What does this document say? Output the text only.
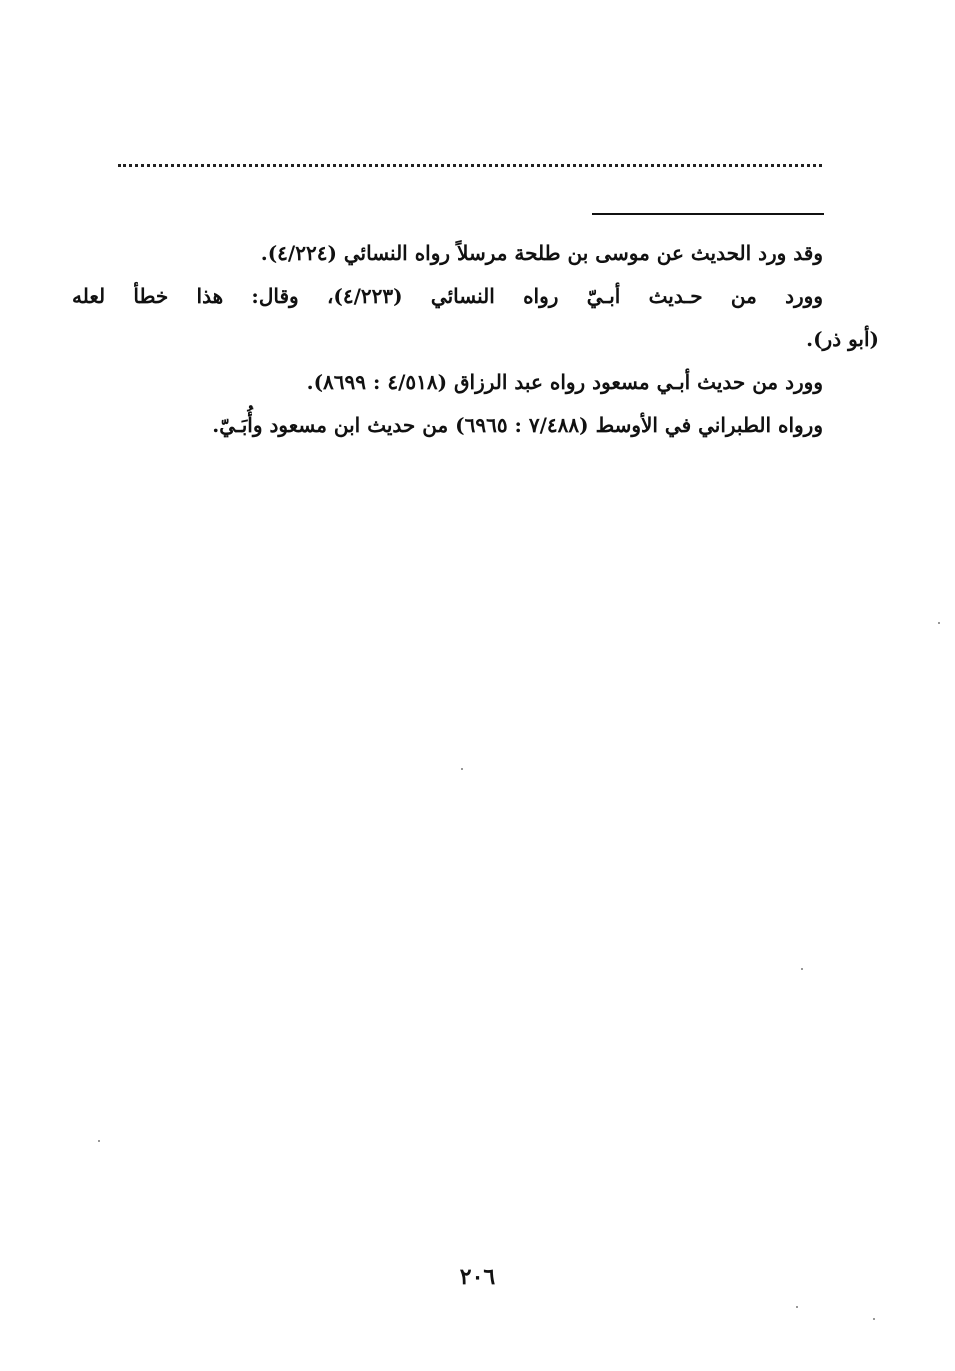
وقد ورد الحديث عن موسى بن طلحة مرسلاً رواه النسائي (٤/٢٢٤).
وورد من حـديث أبـيّ رواه النسائي (٤/٢٢٣)، وقال: هذا خطأ لعله
(أبو ذر).
وورد من حديث أبـي مسعود رواه عبد الرزاق (٤/٥١٨ : ٨٦٩٩).
ورواه الطبراني في الأوسط (٧/٤٨٨ : ٦٩٦٥) من حديث ابن مسعود وأُبَـيّ.
٢٠٦
